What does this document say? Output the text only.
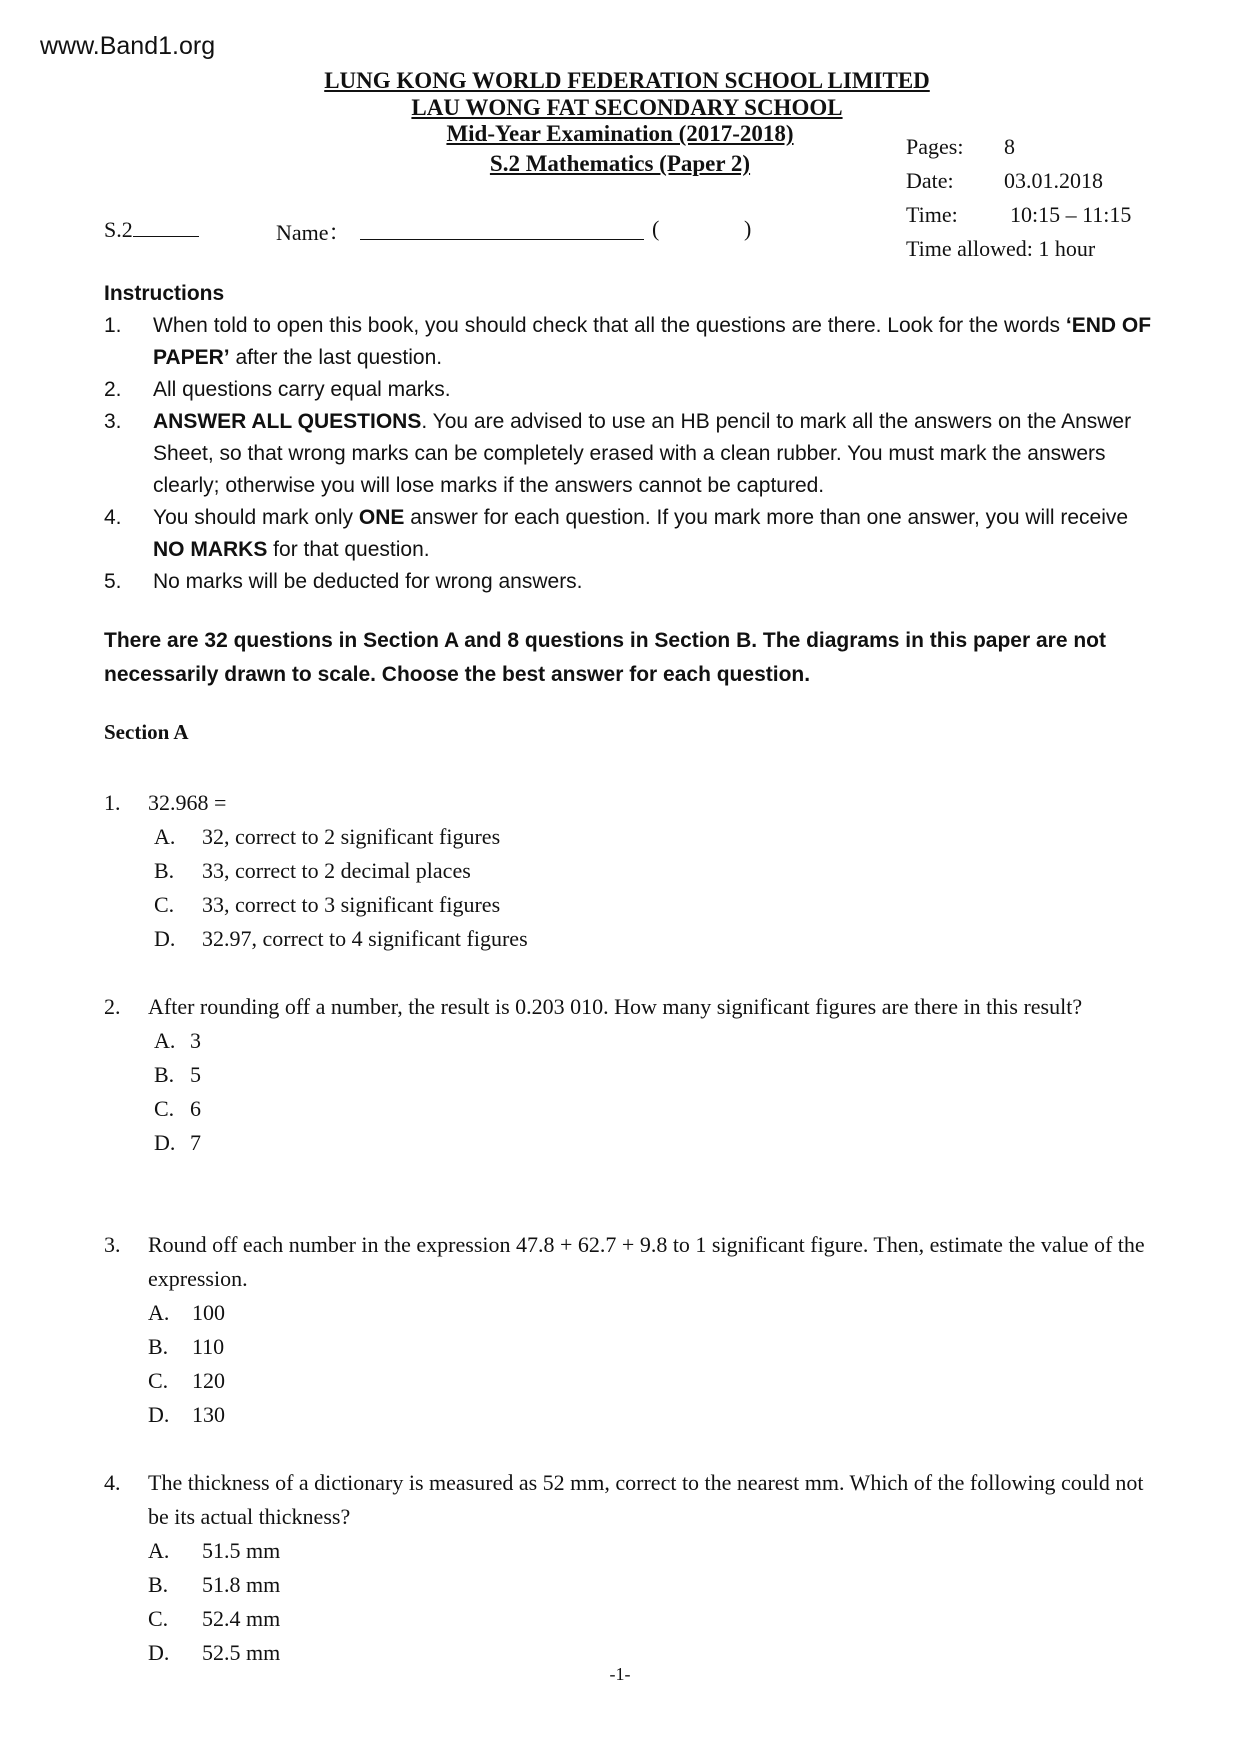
www.Band1.org
LUNG KONG WORLD FEDERATION SCHOOL LIMITED
LAU WONG FAT SECONDARY SCHOOL
Mid-Year Examination (2017-2018)
S.2 Mathematics (Paper 2)
Pages: 8
Date: 03.01.2018
Time: 10:15 – 11:15
Time allowed: 1 hour
S.2	Name：	(	)
Instructions
1. When told to open this book, you should check that all the questions are there. Look for the words ‘END OF PAPER’ after the last question.
2. All questions carry equal marks.
3. ANSWER ALL QUESTIONS. You are advised to use an HB pencil to mark all the answers on the Answer Sheet, so that wrong marks can be completely erased with a clean rubber. You must mark the answers clearly; otherwise you will lose marks if the answers cannot be captured.
4. You should mark only ONE answer for each question. If you mark more than one answer, you will receive NO MARKS for that question.
5. No marks will be deducted for wrong answers.
There are 32 questions in Section A and 8 questions in Section B. The diagrams in this paper are not necessarily drawn to scale. Choose the best answer for each question.
Section A
1. 32.968 =
A. 32, correct to 2 significant figures
B. 33, correct to 2 decimal places
C. 33, correct to 3 significant figures
D. 32.97, correct to 4 significant figures
2. After rounding off a number, the result is 0.203 010. How many significant figures are there in this result?
A. 3
B. 5
C. 6
D. 7
3. Round off each number in the expression 47.8 + 62.7 + 9.8 to 1 significant figure. Then, estimate the value of the expression.
A. 100
B. 110
C. 120
D. 130
4. The thickness of a dictionary is measured as 52 mm, correct to the nearest mm. Which of the following could not be its actual thickness?
A. 51.5 mm
B. 51.8 mm
C. 52.4 mm
D. 52.5 mm
-1-
